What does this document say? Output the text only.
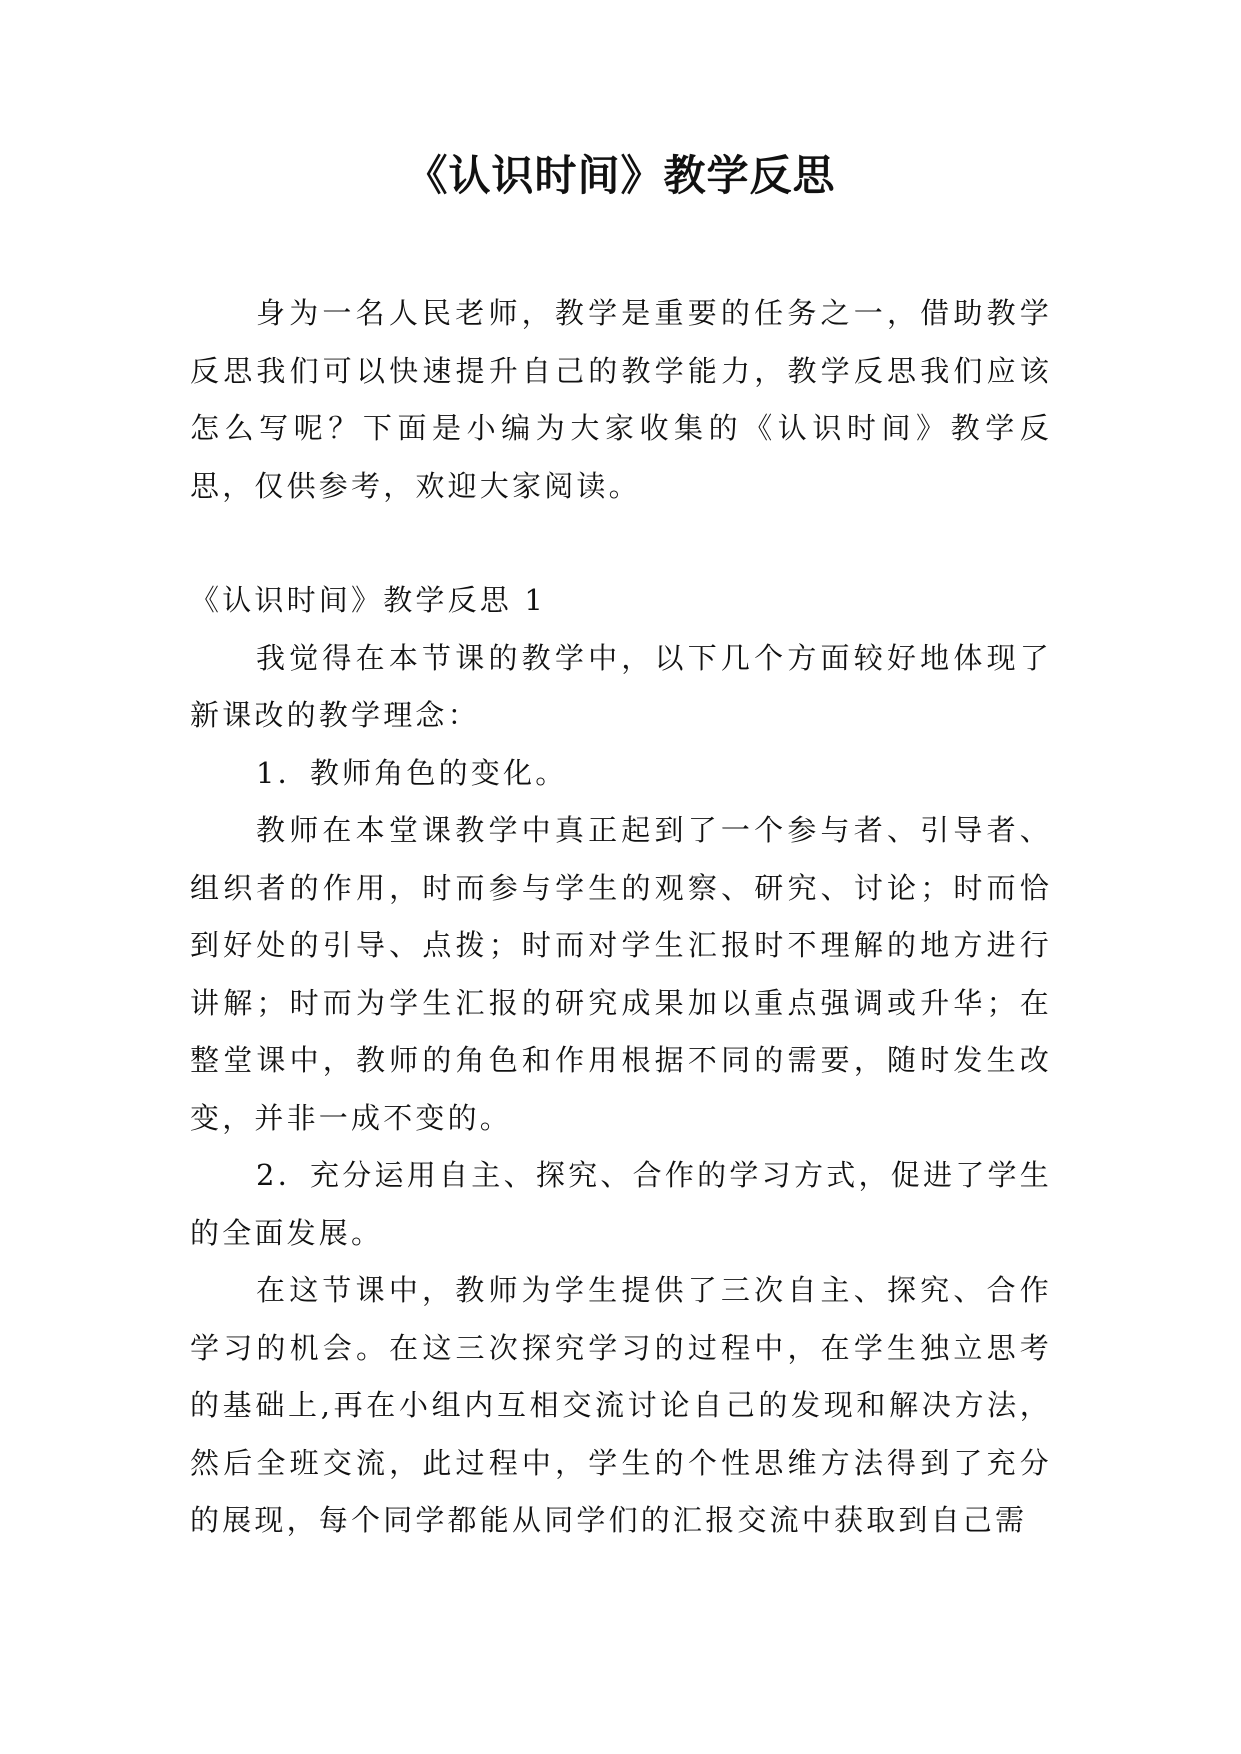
《认识时间》教学反思

身为一名人民老师，教学是重要的任务之一，借助教学反思我们可以快速提升自己的教学能力，教学反思我们应该怎么写呢？下面是小编为大家收集的《认识时间》教学反思，仅供参考，欢迎大家阅读。

《认识时间》教学反思 1

我觉得在本节课的教学中，以下几个方面较好地体现了新课改的教学理念：

1．教师角色的变化。

教师在本堂课教学中真正起到了一个参与者、引导者、组织者的作用，时而参与学生的观察、研究、讨论；时而恰到好处的引导、点拨；时而对学生汇报时不理解的地方进行讲解；时而为学生汇报的研究成果加以重点强调或升华；在整堂课中，教师的角色和作用根据不同的需要，随时发生改变，并非一成不变的。

2．充分运用自主、探究、合作的学习方式，促进了学生的全面发展。

在这节课中，教师为学生提供了三次自主、探究、合作学习的机会。在这三次探究学习的过程中，在学生独立思考的基础上,再在小组内互相交流讨论自己的发现和解决方法，然后全班交流，此过程中，学生的个性思维方法得到了充分的展现，每个同学都能从同学们的汇报交流中获取到自己需
